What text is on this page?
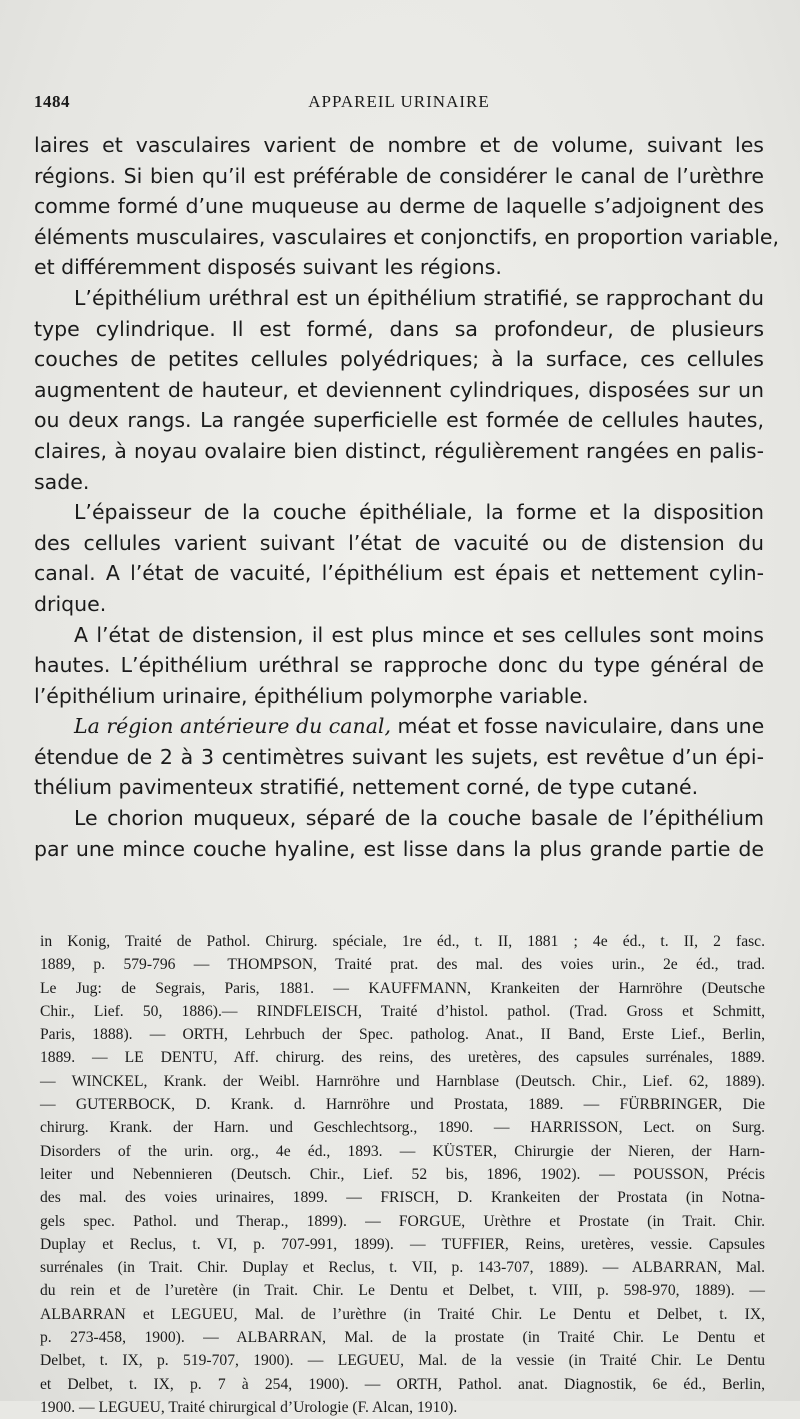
1484	APPAREIL URINAIRE
laires et vasculaires varient de nombre et de volume, suivant les
régions. Si bien qu’il est préférable de considérer le canal de l’urèthre
comme formé d’une muqueuse au derme de laquelle s’adjoignent des
éléments musculaires, vasculaires et conjonctifs, en proportion variable,
et différemment disposés suivant les régions.
L’épithélium uréthral est un épithélium stratifié, se rapprochant du
type cylindrique. Il est formé, dans sa profondeur, de plusieurs
couches de petites cellules polyédriques; à la surface, ces cellules
augmentent de hauteur, et deviennent cylindriques, disposées sur un
ou deux rangs. La rangée superficielle est formée de cellules hautes,
claires, à noyau ovalaire bien distinct, régulièrement rangées en palis-
sade.
L’épaisseur de la couche épithéliale, la forme et la disposition
des cellules varient suivant l’état de vacuité ou de distension du
canal. A l’état de vacuité, l’épithélium est épais et nettement cylin-
drique.
A l’état de distension, il est plus mince et ses cellules sont moins
hautes. L’épithélium uréthral se rapproche donc du type général de
l’épithélium urinaire, épithélium polymorphe variable.
La région antérieure du canal, méat et fosse naviculaire, dans une
étendue de 2 à 3 centimètres suivant les sujets, est revêtue d’un épi-
thélium pavimenteux stratifié, nettement corné, de type cutané.
Le chorion muqueux, séparé de la couche basale de l’épithélium
par une mince couche hyaline, est lisse dans la plus grande partie de
in Konig, Traité de Pathol. Chirurg. spéciale, 1re éd., t. II, 1881 ; 4e éd., t. II, 2 fasc.
1889, p. 579-796 — THOMPSON, Traité prat. des mal. des voies urin., 2e éd., trad.
Le Jug: de Segrais, Paris, 1881. — KAUFFMANN, Krankeiten der Harnröhre (Deutsche
Chir., Lief. 50, 1886).— RINDFLEISCH, Traité d’histol. pathol. (Trad. Gross et Schmitt,
Paris, 1888). — ORTH, Lehrbuch der Spec. patholog. Anat., II Band, Erste Lief., Berlin,
1889. — LE DENTU, Aff. chirurg. des reins, des uretères, des capsules surrénales, 1889.
— WINCKEL, Krank. der Weibl. Harnröhre und Harnblase (Deutsch. Chir., Lief. 62, 1889).
— GUTERBOCK, D. Krank. d. Harnröhre und Prostata, 1889. — FÜRBRINGER, Die
chirurg. Krank. der Harn. und Geschlechtsorg., 1890. — HARRISSON, Lect. on Surg.
Disorders of the urin. org., 4e éd., 1893. — KÜSTER, Chirurgie der Nieren, der Harn-
leiter und Nebennieren (Deutsch. Chir., Lief. 52 bis, 1896, 1902). — POUSSON, Précis
des mal. des voies urinaires, 1899. — FRISCH, D. Krankeiten der Prostata (in Notna-
gels spec. Pathol. und Therap., 1899). — FORGUE, Urèthre et Prostate (in Trait. Chir.
Duplay et Reclus, t. VI, p. 707-991, 1899). — TUFFIER, Reins, uretères, vessie. Capsules
surrénales (in Trait. Chir. Duplay et Reclus, t. VII, p. 143-707, 1889). — ALBARRAN, Mal.
du rein et de l’uretère (in Trait. Chir. Le Dentu et Delbet, t. VIII, p. 598-970, 1889). —
ALBARRAN et LEGUEU, Mal. de l’urèthre (in Traité Chir. Le Dentu et Delbet, t. IX,
p. 273-458, 1900). — ALBARRAN, Mal. de la prostate (in Traité Chir. Le Dentu et
Delbet, t. IX, p. 519-707, 1900). — LEGUEU, Mal. de la vessie (in Traité Chir. Le Dentu
et Delbet, t. IX, p. 7 à 254, 1900). — ORTH, Pathol. anat. Diagnostik, 6e éd., Berlin,
1900. — LEGUEU, Traité chirurgical d’Urologie (F. Alcan, 1910).
